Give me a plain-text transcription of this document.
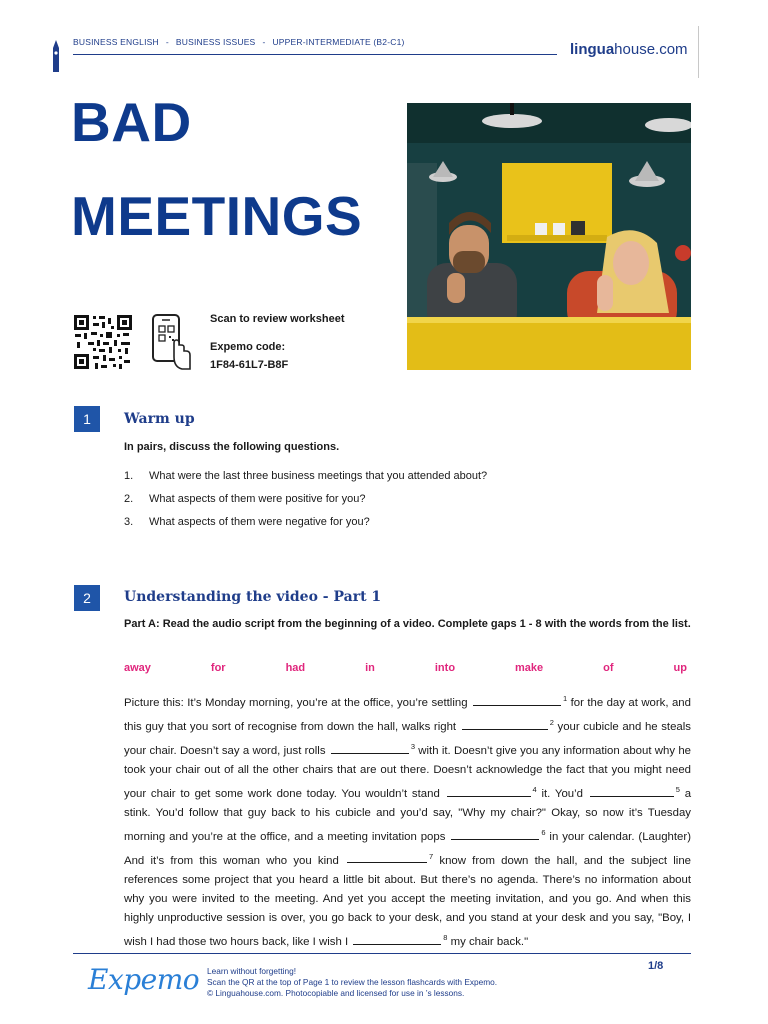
BUSINESS ENGLISH - BUSINESS ISSUES - UPPER-INTERMEDIATE (B2-C1)	linguahouse.com
BAD
MEETINGS
Scan to review worksheet
Expemo code:
1F84-61L7-B8F
1	Warm up
In pairs, discuss the following questions.
1. What were the last three business meetings that you attended about?
2. What aspects of them were positive for you?
3. What aspects of them were negative for you?
2	Understanding the video - Part 1
Part A: Read the audio script from the beginning of a video. Complete gaps 1 - 8 with the words from the list.
away	for	had	in	into	make	of	up
Picture this: It’s Monday morning, you’re at the office, you’re settling	$^1$ for the day at work, and this guy that you sort of recognise from down the hall, walks right	$^2$ your cubicle and he steals your chair. Doesn’t say a word, just rolls	$^3$ with it. Doesn’t give you any information about why he took your chair out of all the other chairs that are out there. Doesn’t acknowledge the fact that you might need your chair to get some work done today. You wouldn’t stand	$^4$ it. You’d	$^5$ a stink. You’d follow that guy back to his cubicle and you’d say, "Why my chair?" Okay, so now it’s Tuesday morning and you’re at the office, and a meeting invitation pops	$^6$ in your calendar. (Laughter) And it’s from this woman who you kind	$^7$ know from down the hall, and the subject line references some project that you heard a little bit about. But there’s no agenda. There’s no information about why you were invited to the meeting. And yet you accept the meeting invitation, and you go. And when this highly unproductive session is over, you go back to your desk, and you stand at your desk and you say, "Boy, I wish I had those two hours back, like I wish I	$^8$ my chair back."
Expemo Learn without forgetting!
Scan the QR at the top of Page 1 to review the lesson flashcards with Expemo.
© Linguahouse.com. Photocopiable and licensed for use in ’s lessons.
1/8
